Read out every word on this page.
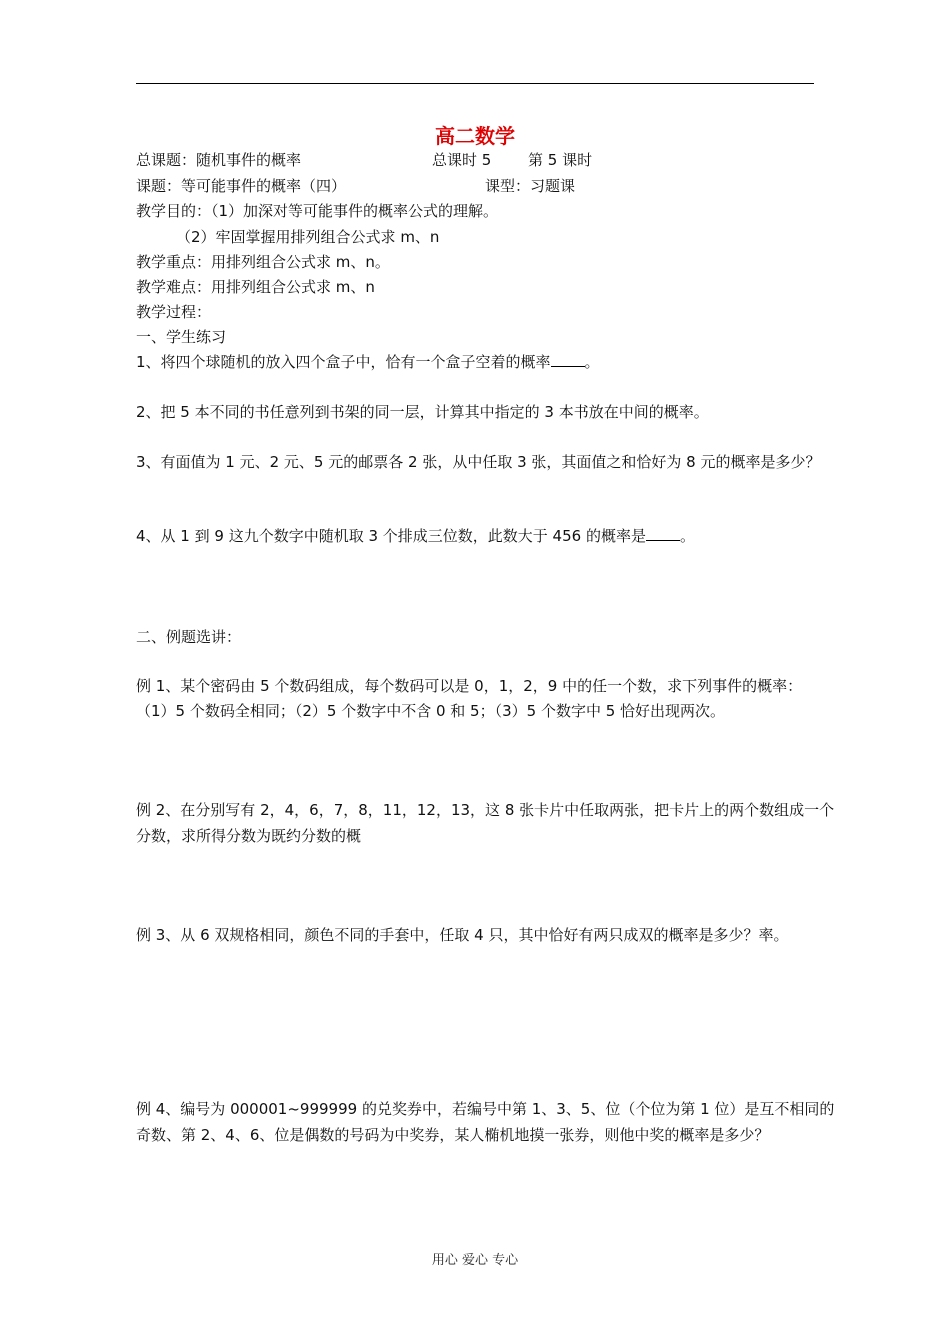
高二数学
总课题：随机事件的概率	总课时 5 第 5 课时
课题：等可能事件的概率（四）	课型：习题课
教学目的：（1）加深对等可能事件的概率公式的理解。
（2）牢固掌握用排列组合公式求 m、n
教学重点：用排列组合公式求 m、n。
教学难点：用排列组合公式求 m、n
教学过程：
一、学生练习
1、将四个球随机的放入四个盒子中，恰有一个盒子空着的概率 。
2、把 5 本不同的书任意列到书架的同一层，计算其中指定的 3 本书放在中间的概率。
3、有面值为 1 元、2 元、5 元的邮票各 2 张，从中任取 3 张，其面值之和恰好为 8 元的概率是多少？
4、从 1 到 9 这九个数字中随机取 3 个排成三位数，此数大于 456 的概率是 。
二、例题选讲：
例 1、某个密码由 5 个数码组成，每个数码可以是 0，1，2，9 中的任一个数，求下列事件的概率：
（1）5 个数码全相同；（2）5 个数字中不含 0 和 5；（3）5 个数字中 5 恰好出现两次。
例 2、在分别写有 2，4，6，7，8，11，12，13，这 8 张卡片中任取两张，把卡片上的两个数组成一个
分数，求所得分数为既约分数的概
例 3、从 6 双规格相同，颜色不同的手套中，任取 4 只，其中恰好有两只成双的概率是多少？率。
例 4、编号为 000001~999999 的兑奖券中，若编号中第 1、3、5、位（个位为第 1 位）是互不相同的
奇数、第 2、4、6、位是偶数的号码为中奖券，某人椭机地摸一张券，则他中奖的概率是多少？
用心 爱心 专心
